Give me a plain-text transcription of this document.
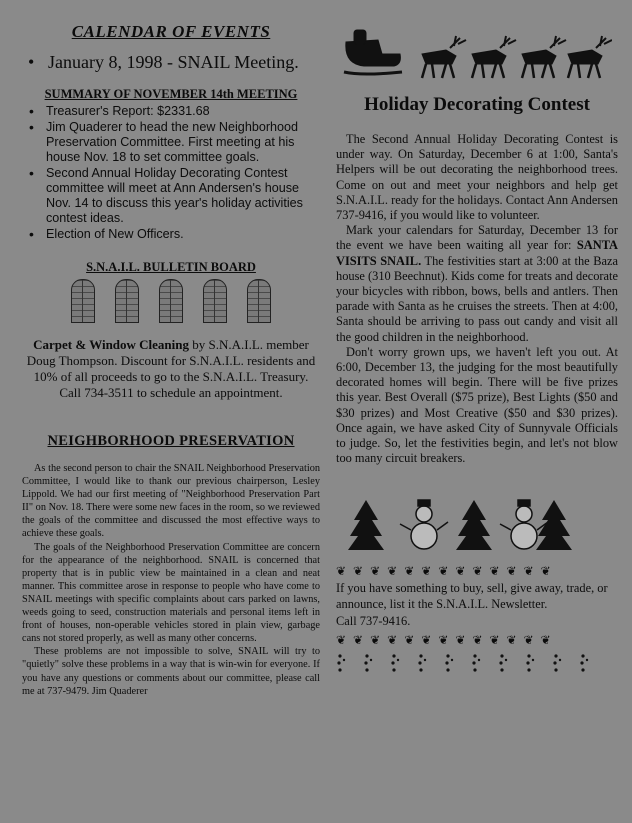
CALENDAR OF EVENTS
• January 8, 1998 - SNAIL Meeting.
SUMMARY OF NOVEMBER 14th MEETING
• Treasurer's Report: $2331.68
• Jim Quaderer to head the new Neighborhood Preservation Committee. First meeting at his house Nov. 18 to set committee goals.
• Second Annual Holiday Decorating Contest committee will meet at Ann Andersen's house Nov. 14 to discuss this year's holiday activities contest ideas.
• Election of New Officers.
S.N.A.I.L. BULLETIN BOARD
Carpet & Window Cleaning by S.N.A.I.L. member Doug Thompson. Discount for S.N.A.I.L. residents and 10% of all proceeds to go to the S.N.A.I.L. Treasury. Call 734-3511 to schedule an appointment.
NEIGHBORHOOD PRESERVATION

As the second person to chair the SNAIL Neighborhood Preservation Committee, I would like to thank our previous chairperson, Lesley Lippold. We had our first meeting of "Neighborhood Preservation Part II" on Nov. 18. There were some new faces in the room, so we reviewed the goals of the committee and discussed the most effective ways to achieve these goals.

The goals of the Neighborhood Preservation Committee are concern for the appearance of the neighborhood. SNAIL is concerned that property that is in public view be maintained in a clean and neat manner. This committee arose in response to people who have come to SNAIL meetings with specific complaints about cars parked on lawns, weeds going to seed, construction materials and personal items left in front of houses, non-operable vehicles stored in plain view, garbage cans not stored properly, as well as many other concerns.

These problems are not impossible to solve, SNAIL will try to "quietly" solve these problems in a way that is win-win for everyone. If you have any questions or comments about our committee, please call me at 737-9479. Jim Quaderer

Holiday Decorating Contest

The Second Annual Holiday Decorating Contest is under way. On Saturday, December 6 at 1:00, Santa's Helpers will be out decorating the neighborhood trees. Come on out and meet your neighbors and help get S.N.A.I.L. ready for the holidays. Contact Ann Andersen 737-9416, if you would like to volunteer.

Mark your calendars for Saturday, December 13 for the event we have been waiting all year for: SANTA VISITS SNAIL. The festivities start at 3:00 at the Baza house (310 Beechnut). Kids come for treats and decorate your bicycles with ribbon, bows, bells and antlers. Then parade with Santa as he cruises the streets. Then at 4:00, Santa should be arriving to pass out candy and visit all the good children in the neighborhood.

Don't worry grown ups, we haven't left you out. At 6:00, December 13, the judging for the most beautifully decorated homes will begin. There will be five prizes this year. Best Overall ($75 prize), Best Lights ($50 and $30 prizes) and Most Creative ($50 and $30 prizes). Once again, we have asked City of Sunnyvale Officials to judge. So, let the festivities begin, and let's not blow too many circuit breakers.

❦ ❦ ❦ ❦ ❦ ❦ ❦ ❦ ❦ ❦ ❦ ❦ ❦
If you have something to buy, sell, give away, trade, or announce, list it the S.N.A.I.L. Newsletter.
Call 737-9416.
❦ ❦ ❦ ❦ ❦ ❦ ❦ ❦ ❦ ❦ ❦ ❦ ❦
